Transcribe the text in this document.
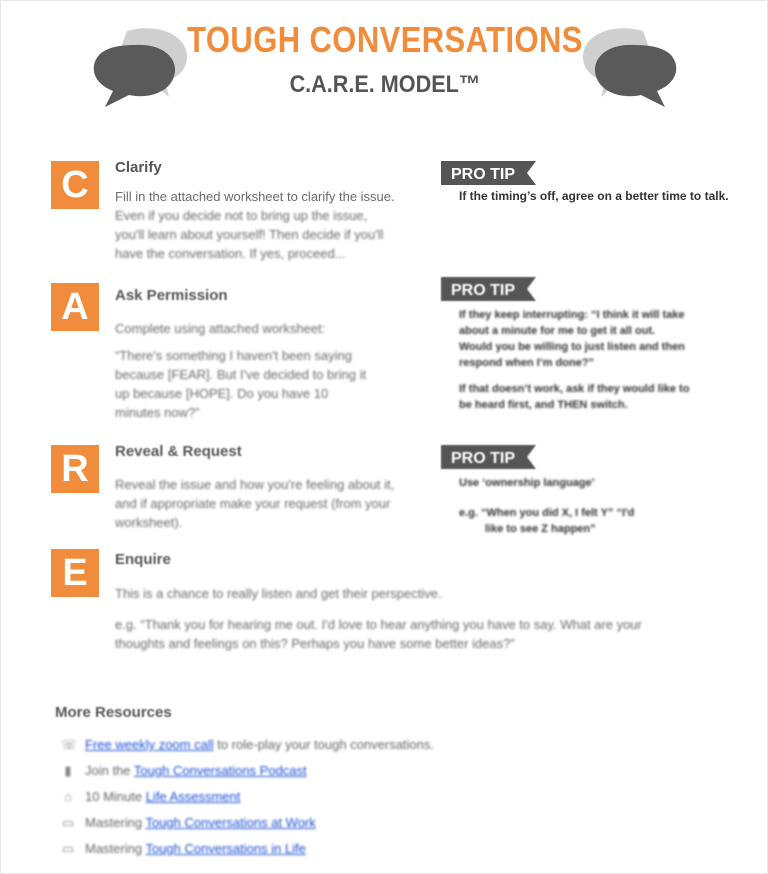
TOUGH CONVERSATIONS
C.A.R.E. MODEL™
C	Clarify
Fill in the attached worksheet to clarify the issue.
Even if you decide not to bring up the issue,
you'll learn about yourself! Then decide if you'll
have the conversation. If yes, proceed...
PRO TIP
If the timing’s off, agree on a better time to talk.
A	Ask Permission
Complete using attached worksheet:
“There's something I haven't been saying
because [FEAR]. But I've decided to bring it
up because [HOPE]. Do you have 10
minutes now?”
PRO TIP
If they keep interrupting: “I think it will take
about a minute for me to get it all out.
Would you be willing to just listen and then
respond when I’m done?”
If that doesn’t work, ask if they would like to
be heard first, and THEN switch.
R	Reveal & Request
Reveal the issue and how you're feeling about it,
and if appropriate make your request (from your
worksheet).
PRO TIP
Use ‘ownership language’
e.g. “When you did X, I felt Y” “I'd
like to see Z happen”
E	Enquire
This is a chance to really listen and get their perspective.
e.g. “Thank you for hearing me out. I'd love to hear anything you have to say. What are your
thoughts and feelings on this? Perhaps you have some better ideas?”
More Resources
☏ Free weekly zoom call to role-play your tough conversations.
▮ Join the Tough Conversations Podcast
⌂ 10 Minute Life Assessment
▭ Mastering Tough Conversations at Work
▭ Mastering Tough Conversations in Life
